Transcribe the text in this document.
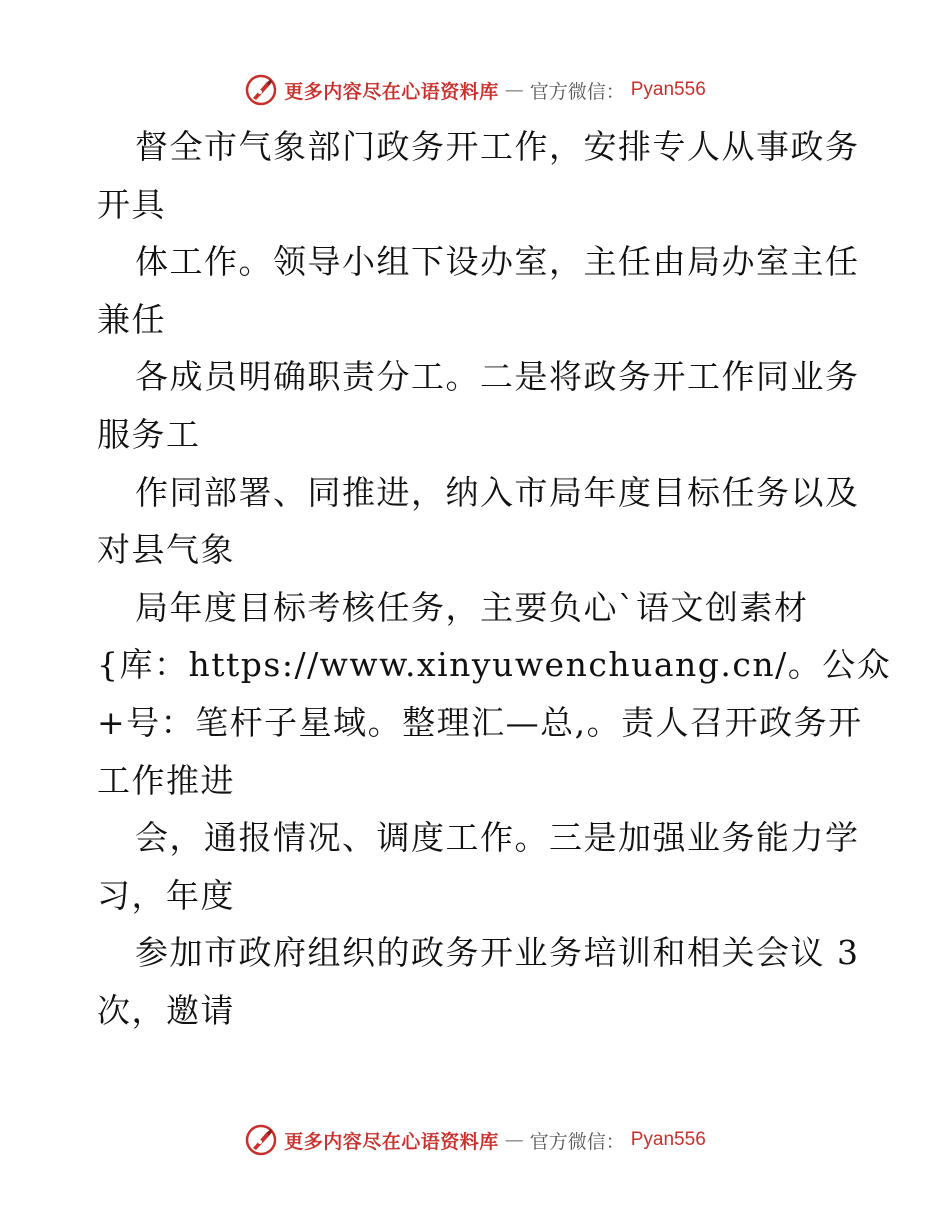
更多内容尽在心语资料库 — 官方微信： Pyan556
督全市气象部门政务开工作，安排专人从事政务
开具
体工作。领导小组下设办室，主任由局办室主任
兼任
各成员明确职责分工。二是将政务开工作同业务
服务工
作同部署、同推进，纳入市局年度目标任务以及
对县气象
局年度目标考核任务，主要负心`语文创素材
{库：https://www.xinyuwenchuang.cn/。公众
+号：笔杆子星域。整理汇—总,。责人召开政务开
工作推进
会，通报情况、调度工作。三是加强业务能力学
习，年度
参加市政府组织的政务开业务培训和相关会议 3
次，邀请
更多内容尽在心语资料库 — 官方微信： Pyan556
